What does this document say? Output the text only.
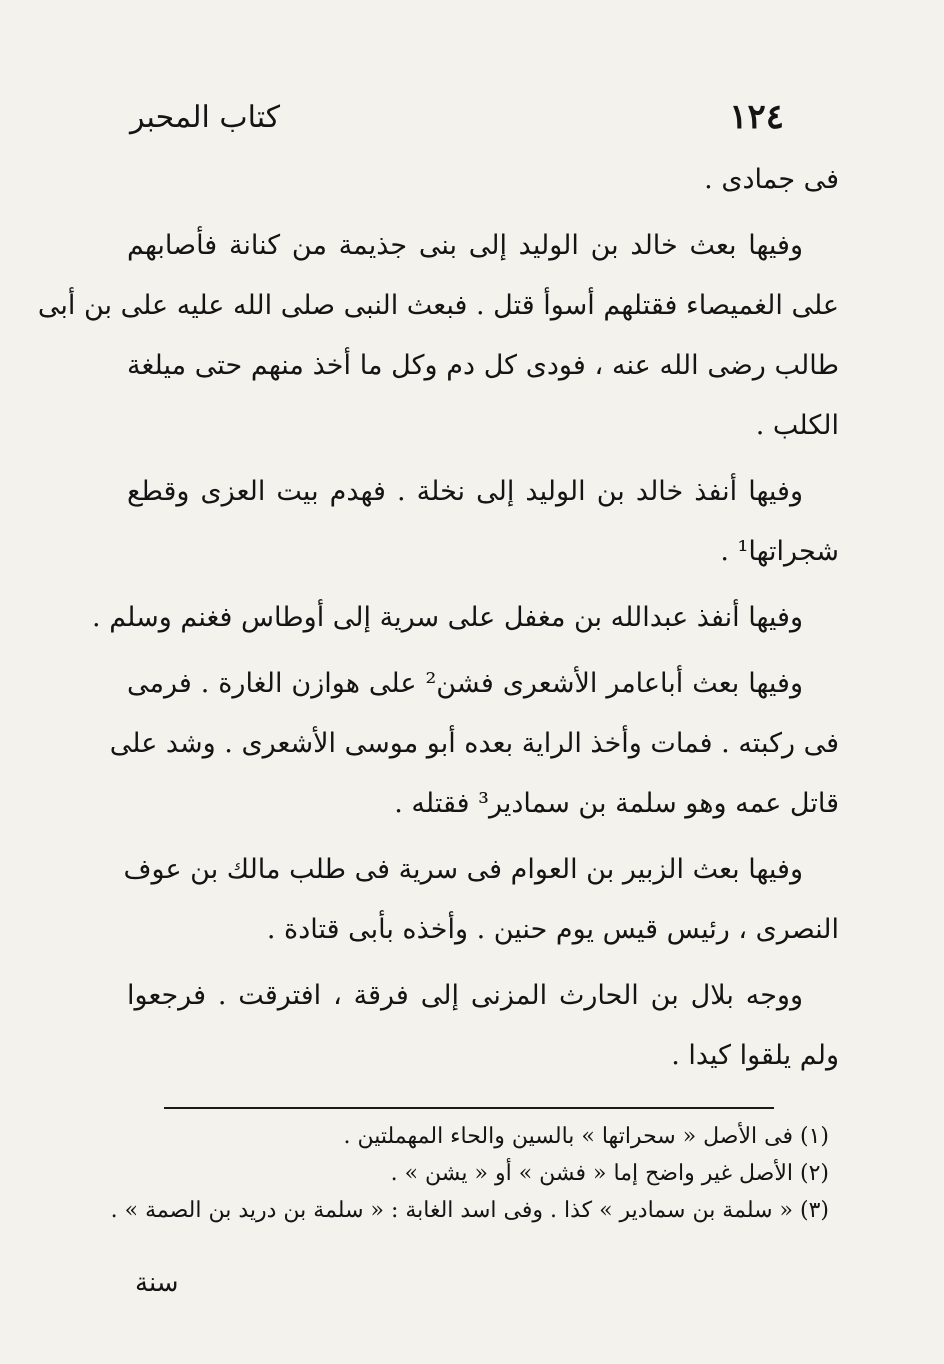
١٢٤
كتاب المحبر
فى جمادى .
وفيها بعث خالد بن الوليد إلى بنى جذيمة من كنانة فأصابهم
على الغميصاء فقتلهم أسوأ قتل . فبعث النبى صلى الله عليه على بن أبى
طالب رضى الله عنه ، فودى كل دم وكل ما أخذ منهم حتى ميلغة
الكلب .
وفيها أنفذ خالد بن الوليد إلى نخلة . فهدم بيت العزى وقطع
شجراتها¹ .
وفيها أنفذ عبدالله بن مغفل على سرية إلى أوطاس فغنم وسلم .
وفيها بعث أباعامر الأشعرى فشن² على هوازن الغارة . فرمى
فى ركبته . فمات وأخذ الراية بعده أبو موسى الأشعرى . وشد على
قاتل عمه وهو سلمة بن سمادير³ فقتله .
وفيها بعث الزبير بن العوام فى سرية فى طلب مالك بن عوف
النصرى ، رئيس قيس يوم حنين . وأخذه بأبى قتادة .
ووجه بلال بن الحارث المزنى إلى فرقة ، افترقت . فرجعوا
ولم يلقوا كيدا .
(١) فى الأصل « سحراتها » بالسين والحاء المهملتين .
(٢) الأصل غير واضح إما « فشن » أو « يشن » .
(٣) « سلمة بن سمادير » كذا . وفى اسد الغابة : « سلمة بن دريد بن الصمة » .
سنة
